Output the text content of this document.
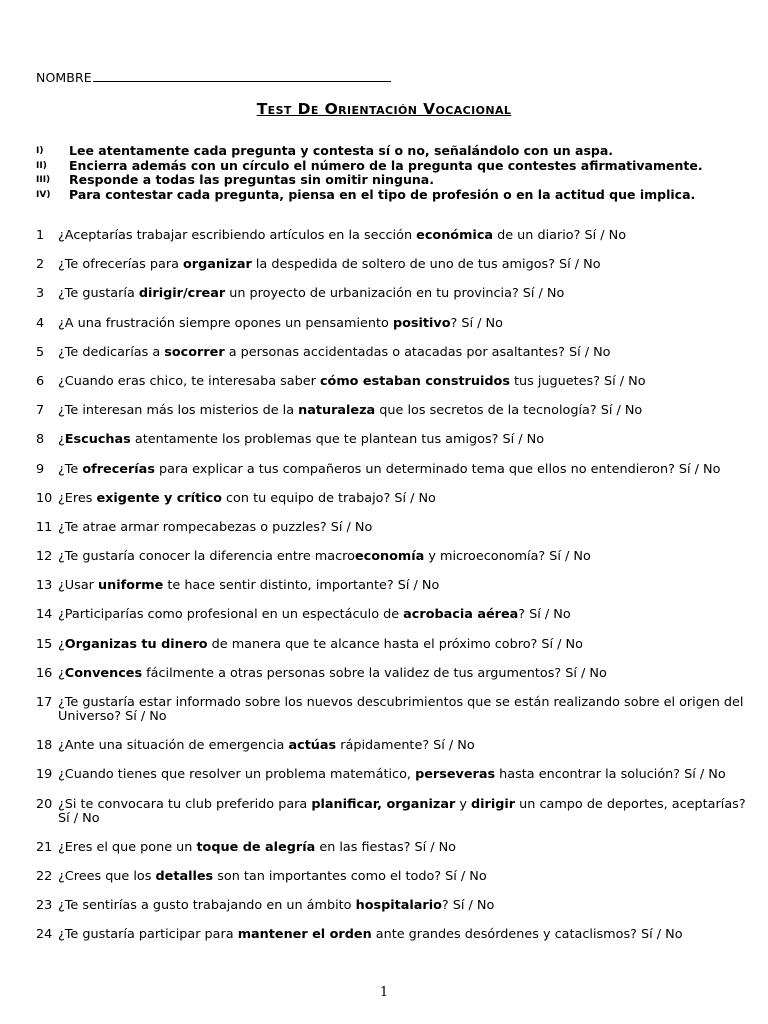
NOMBRE
Test De Orientación Vocacional
I)	Lee atentamente cada pregunta y contesta sí o no, señalándolo con un aspa.
II)	Encierra además con un círculo el número de la pregunta que contestes afirmativamente.
III)	Responde a todas las preguntas sin omitir ninguna.
IV)	Para contestar cada pregunta, piensa en el tipo de profesión o en la actitud que implica.
1 ¿Aceptarías trabajar escribiendo artículos en la sección económica de un diario? Sí / No
2 ¿Te ofrecerías para organizar la despedida de soltero de uno de tus amigos? Sí / No
3 ¿Te gustaría dirigir/crear un proyecto de urbanización en tu provincia? Sí / No
4 ¿A una frustración siempre opones un pensamiento positivo? Sí / No
5 ¿Te dedicarías a socorrer a personas accidentadas o atacadas por asaltantes? Sí / No
6 ¿Cuando eras chico, te interesaba saber cómo estaban construidos tus juguetes? Sí / No
7 ¿Te interesan más los misterios de la naturaleza que los secretos de la tecnología? Sí / No
8 ¿Escuchas atentamente los problemas que te plantean tus amigos? Sí / No
9 ¿Te ofrecerías para explicar a tus compañeros un determinado tema que ellos no entendieron? Sí / No
10 ¿Eres exigente y crítico con tu equipo de trabajo? Sí / No
11 ¿Te atrae armar rompecabezas o puzzles? Sí / No
12 ¿Te gustaría conocer la diferencia entre macroeconomía y microeconomía? Sí / No
13 ¿Usar uniforme te hace sentir distinto, importante? Sí / No
14 ¿Participarías como profesional en un espectáculo de acrobacia aérea? Sí / No
15 ¿Organizas tu dinero de manera que te alcance hasta el próximo cobro? Sí / No
16 ¿Convences fácilmente a otras personas sobre la validez de tus argumentos? Sí / No
17 ¿Te gustaría estar informado sobre los nuevos descubrimientos que se están realizando sobre el origen del Universo? Sí / No
18 ¿Ante una situación de emergencia actúas rápidamente? Sí / No
19 ¿Cuando tienes que resolver un problema matemático, perseveras hasta encontrar la solución? Sí / No
20 ¿Si te convocara tu club preferido para planificar, organizar y dirigir un campo de deportes, aceptarías? Sí / No
21 ¿Eres el que pone un toque de alegría en las fiestas? Sí / No
22 ¿Crees que los detalles son tan importantes como el todo? Sí / No
23 ¿Te sentirías a gusto trabajando en un ámbito hospitalario? Sí / No
24 ¿Te gustaría participar para mantener el orden ante grandes desórdenes y cataclismos? Sí / No
1
